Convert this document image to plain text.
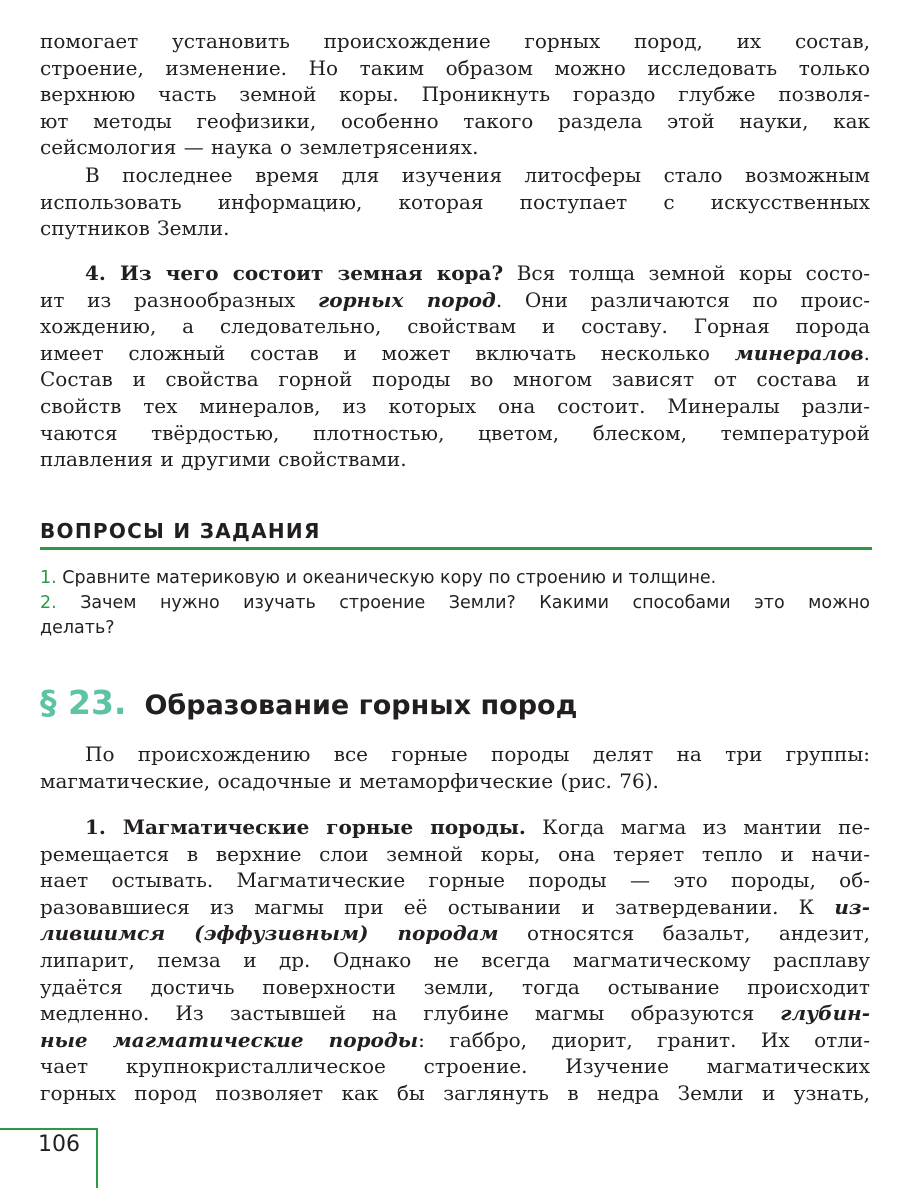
помогает установить происхождение горных пород, их состав,
строение, изменение. Но таким образом можно исследовать только
верхнюю часть земной коры. Проникнуть гораздо глубже позволя-
ют методы геофизики, особенно такого раздела этой науки, как
сейсмология — наука о землетрясениях.
В последнее время для изучения литосферы стало возможным
использовать информацию, которая поступает с искусственных
спутников Земли.
4. Из чего состоит земная кора? Вся толща земной коры состо-
ит из разнообразных горных пород. Они различаются по проис-
хождению, а следовательно, свойствам и составу. Горная порода
имеет сложный состав и может включать несколько минералов.
Состав и свойства горной породы во многом зависят от состава и
свойств тех минералов, из которых она состоит. Минералы разли-
чаются твёрдостью, плотностью, цветом, блеском, температурой
плавления и другими свойствами.

ВОПРОСЫ И ЗАДАНИЯ

1. Сравните материковую и океаническую кору по строению и толщине.
2. Зачем нужно изучать строение Земли? Какими способами это можно
делать?

§ 23. Образование горных пород

По происхождению все горные породы делят на три группы:
магматические, осадочные и метаморфические (рис. 76).
1. Магматические горные породы. Когда магма из мантии пе-
ремещается в верхние слои земной коры, она теряет тепло и начи-
нает остывать. Магматические горные породы — это породы, об-
разовавшиеся из магмы при её остывании и затвердевании. К из-
лившимся (эффузивным) породам относятся базальт, андезит,
липарит, пемза и др. Однако не всегда магматическому расплаву
удаётся достичь поверхности земли, тогда остывание происходит
медленно. Из застывшей на глубине магмы образуются глубин-
ные магматические породы: габбро, диорит, гранит. Их отли-
чает крупнокристаллическое строение. Изучение магматических
горных пород позволяет как бы заглянуть в недра Земли и узнать,

106
